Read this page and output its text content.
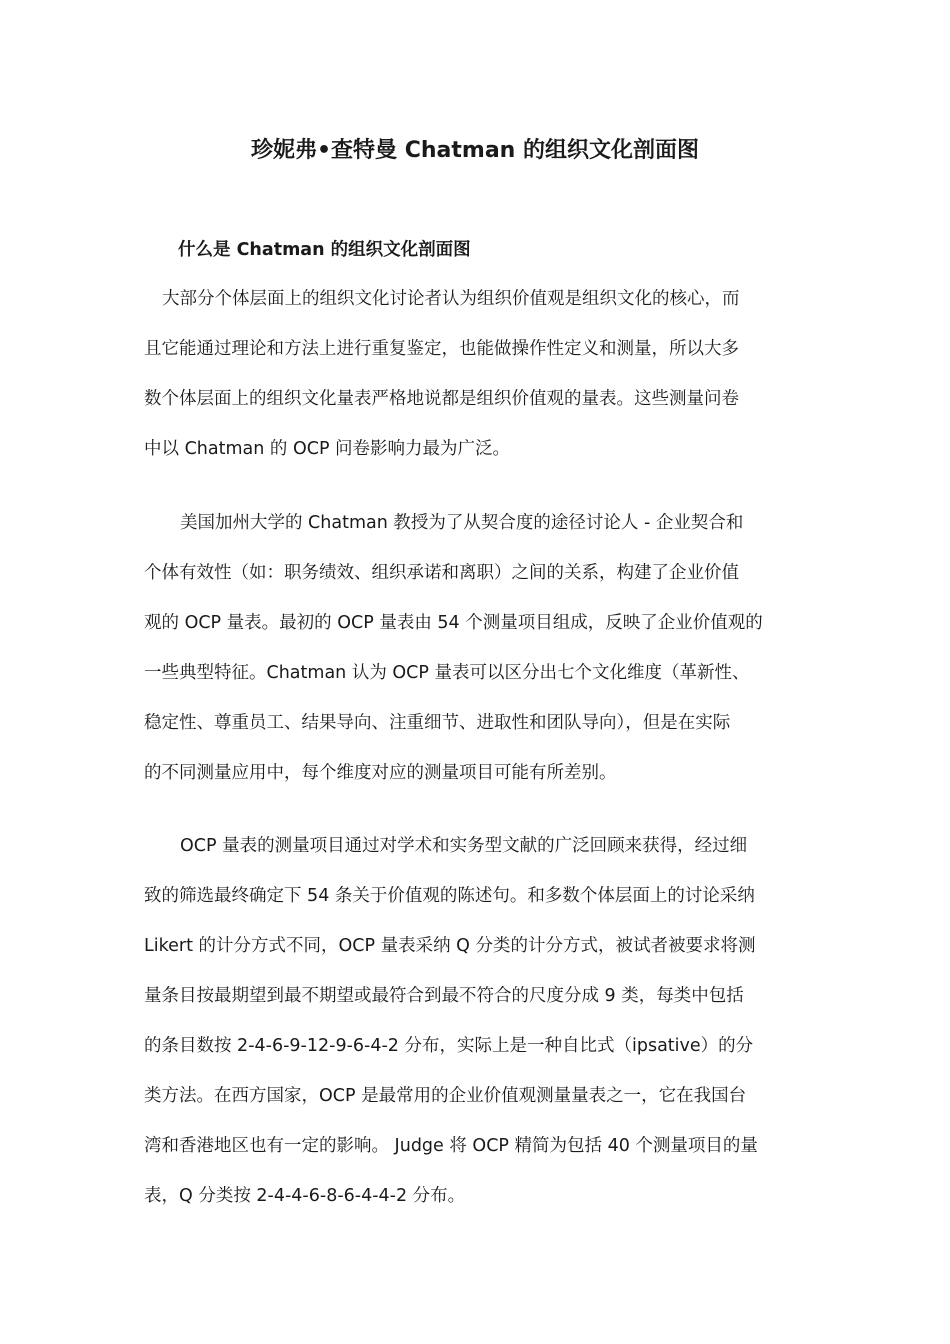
珍妮弗•查特曼 Chatman 的组织文化剖面图
什么是 Chatman 的组织文化剖面图
大部分个体层面上的组织文化讨论者认为组织价值观是组织文化的核心，而
且它能通过理论和方法上进行重复鉴定，也能做操作性定义和测量，所以大多
数个体层面上的组织文化量表严格地说都是组织价值观的量表。这些测量问卷
中以 Chatman 的 OCP 问卷影响力最为广泛。
美国加州大学的 Chatman 教授为了从契合度的途径讨论人 - 企业契合和
个体有效性（如：职务绩效、组织承诺和离职）之间的关系，构建了企业价值
观的 OCP 量表。最初的 OCP 量表由 54 个测量项目组成，反映了企业价值观的
一些典型特征。Chatman 认为 OCP 量表可以区分出七个文化维度（革新性、
稳定性、尊重员工、结果导向、注重细节、进取性和团队导向），但是在实际
的不同测量应用中，每个维度对应的测量项目可能有所差别。
OCP 量表的测量项目通过对学术和实务型文献的广泛回顾来获得，经过细
致的筛选最终确定下 54 条关于价值观的陈述句。和多数个体层面上的讨论采纳
Likert 的计分方式不同，OCP 量表采纳 Q 分类的计分方式，被试者被要求将测
量条目按最期望到最不期望或最符合到最不符合的尺度分成 9 类，每类中包括
的条目数按 2-4-6-9-12-9-6-4-2 分布，实际上是一种自比式（ipsative）的分
类方法。在西方国家，OCP 是最常用的企业价值观测量量表之一，它在我国台
湾和香港地区也有一定的影响。 Judge 将 OCP 精简为包括 40 个测量项目的量
表，Q 分类按 2-4-4-6-8-6-4-4-2 分布。
